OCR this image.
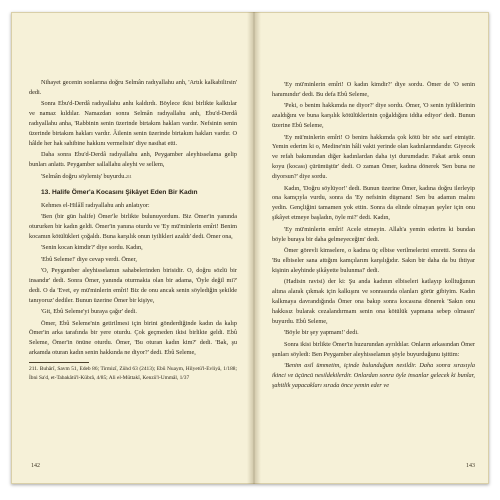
Nihayet gecenin sonlarına doğru Selmân radıyallahu anh, 'Artık kalkabilirsin' dedi.

Sonra Ebu'd-Derdâ radıyallahu anhı kaldırdı. Böylece ikisi birlikte kalktılar ve namaz kıldılar. Namazdan sonra Selmân radıyallahu anh, Ebu'd-Derdâ radıyallahu anha, 'Rabbinin senin üzerinde birtakım hakları vardır. Nefsinin senin üzerinde birtakım hakları vardır. Âilenin senin üzerinde birtakım hakları vardır. O hâlde her hak sahibine hakkını vermelisin' diye nasihat etti.

Daha sonra Ebu'd-Derdâ radıyallahu anh, Peygamber aleyhisselama gelip bunları anlattı. Peygamber sallallahu aleyhi ve sellem,

'Selmân doğru söylemiş' buyurdu.$^{211}$

13. Halife Ömer'a Kocasını Şikâyet Eden Bir Kadın

Kehmes el-Hilâlî radıyallahu anh anlatıyor:

'Ben (bir gün halife) Ömer'le birlikte bulunuyordum. Biz Ömer'in yanında otururken bir kadın geldi. Ömer'in yanına oturdu ve 'Ey mü'minlerin emîri! Benim kocamın kötülükleri çoğaldı. Buna karşılık onun iyilikleri azaldı' dedi. Ömer ona,

'Senin kocan kimdir?' diye sordu. Kadın,

'Ebû Seleme!' diye cevap verdi. Ömer,

'O, Peygamber aleyhisselamın sahabelerinden birisidir. O, doğru sözlü bir insandır' dedi. Sonra Ömer, yanında oturmakta olan bir adama, 'Öyle değil mi?' dedi. O da 'Evet, ey mü'minlerin emîri! Biz de onu ancak senin söylediğin şekilde tanıyoruz' dediler. Bunun üzerine Ömer bir kişiye,

'Git, Ebû Seleme'yi buraya çağır' dedi.

Ömer, Ebû Seleme'nin getirilmesi için birini gönderdiğinde kadın da kalıp Ömer'in arka tarafında bir yere oturdu. Çok geçmeden ikisi birlikte geldi. Ebû Seleme, Ömer'in önüne oturdu. Ömer, 'Bu oturan kadın kim?' dedi. 'Bak, şu arkamda oturan kadın senin hakkında ne diyor?' dedi. Ebû Seleme,

211. Buhârî, Savm 51, Edeb 86; Tirmizî, Zühd 63 (2413); Ebû Nuaym, Hilyetü'l-Evliyâ, 1/188; İbni Sa'd, et-Tabakâtü'l-Kübrâ, 4/85; Ali el-Müttakî, Kenzü'l-Ummâl, 1/37

142

'Ey mü'minlerin emîri! O kadın kimdir?' diye sordu. Ömer de 'O senin hanımındır' dedi. Bu defa Ebû Seleme,

'Peki, o benim hakkımda ne diyor?' diye sordu. Ömer, 'O senin iyiliklerinin azaldığını ve buna karşılık kötülüklerinin çoğaldığını iddia ediyor' dedi. Bunun üzerine Ebû Seleme,

'Ey mü'minlerin emîri! O benim hakkımda çok kötü bir söz sarf etmiştir. Yemin ederim ki o, Medine'nin hâli vakti yerinde olan kadınlarındandır. Giyecek ve refah bakımından diğer kadınlardan daha iyi durumdadır. Fakat artık onun koyu (kocası) çürümüştür' dedi. O zaman Ömer, kadına dönerek 'Sen buna ne diyorsun?' diye sordu.

Kadın, 'Doğru söylüyor!' dedi. Bunun üzerine Ömer, kadına doğru ilerleyip ona kamçıyla vurdu, sonra da 'Ey nefsinin düşmanı! Sen bu adamın malını yedin. Gençliğini tamamen yok ettin. Sonra da elinde olmayan şeyler için onu şikâyet etmeye başladın, öyle mi?' dedi. Kadın,

'Ey mü'minlerin emîri! Acele etmeyin. Allah'a yemin ederim ki bundan böyle buraya bir daha gelmeyeceğim' dedi.

Ömer görevli kimselere, o kadına üç elbise verilmelerini emretti. Sonra da 'Bu elbiseler sana attığım kamçılarım karşılığıdır. Sakın bir daha da bu ihtiyar kişinin aleyhinde şikâyette bulunma!' dedi.

(Hadisin ravisi) der ki: Şu anda kadının elbiseleri katlayıp kolltuğunun altına alarak çıkmak için kalkışını ve sonrasında olanları görür gibiyim. Kadın kalkmaya davrandığında Ömer ona bakıp sonra kocasına dönerek 'Sakın onu hakkısız bularak cezalandırmam senin ona kötülük yapmana sebep olmasın' buyurdu. Ebû Seleme,

'Böyle bir şey yapmam!' dedi.

Sonra ikisi birlikte Ömer'in huzurundan ayrıldılar. Onların arkasından Ömer şunları söyledi: Ben Peygamber aleyhisselamın şöyle buyurduğunu işittim:

'Benim asil ümmetim, içinde bulunduğum nesildir. Daha sonra sırasıyla ikinci ve üçüncü nesildekilerdir. Onlardan sonra öyle insanlar gelecek ki bunlar, şahitlik yapacakları sırada önce yemin eder ve

143
